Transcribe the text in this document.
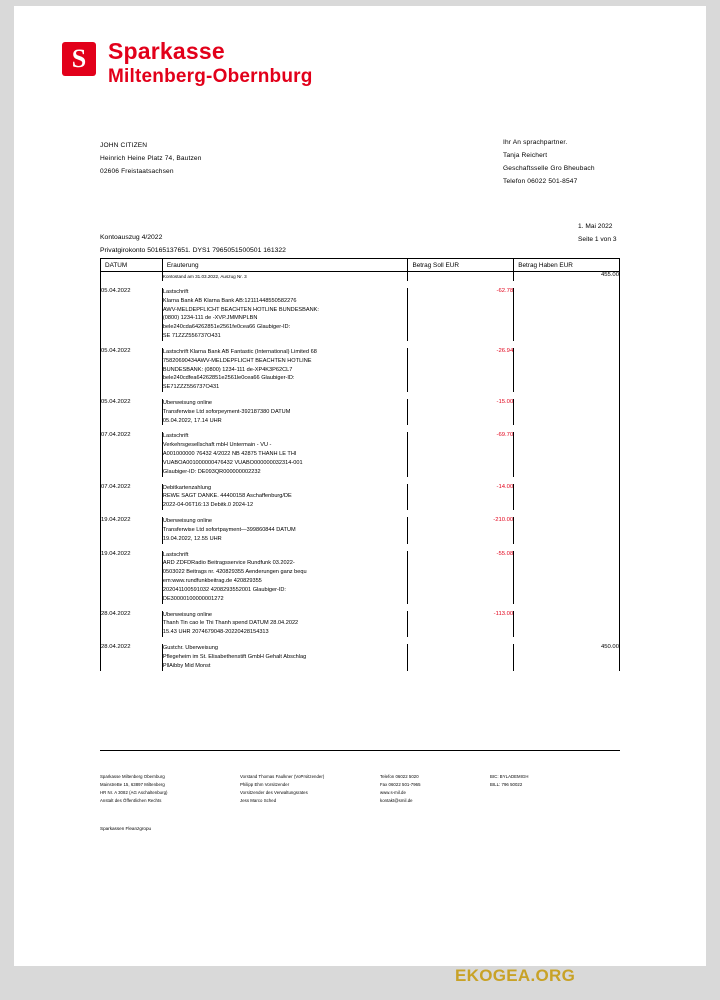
S Sparkasse
Miltenberg-Obernburg
JOHN CITIZEN
Heinrich Heine Platz 74, Bautzen
02606 Freistaatsachsen
Ihr An sprachpartner.
Tanja Reichert
Geschaftsselle Gro Bheubach
Telefon 06022 501-8547
1. Mai 2022
Seite 1 von 3
Kontoauszug 4/2022
Privatgirokonto 50165137651. DYS1 7965051500501 161322
DATUM	Erauterung	Betrag Soll EUR	Betrag Haben EUR

	Kontostand am 31.03.2022, Auszug Nr. 3		455.00

05.04.2022	Lastschrift
Klarna Bank AB Klarna Bank AB:12111448550582276
AWV-MELDEPFLICHT BEACHTEN HOTLINE BUNDESBANK:
(0800) 1234-111 de -XVP.JMMNPLBN
bele240cda64262851e2561fe0cea66 Glaubiger-ID:
SE 71ZZZ556737O431
	-62.78	

05.04.2022	Lastschrift Klarna Bank AB Fantastic (International) Limited 68
75820690434AWV-MELDEPFLICHT BEACHTEN HOTLINE
BUNDESBANK: (0800) 1234-111 de-XP4K3P62CL7
bele240cdfea64262851e2561le0cea66 Glaubiger-ID:
SE71ZZZ556737O431	-26.94	

05.04.2022	Uberweisung online
Transferwise Ltd soforpeyment-392187380 DATUM
05.04.2022, 17.14 UHR	-15.00	

07.04.2022	Lastschrift
Verkehrsgesellschaft mbH Untermain - VU -
A001000000 76432 4/2022 NB 42875 THANH LE THI
VUABOA001000000476432 VUABO000000032314-001
Glaubiger-ID: DE093QR000000002232	-69.70	

07.04.2022	Debitkartenzahlung
REWE SAGT DANKE. 44400158 Aschaffenburg/DE
2022-04-06T16:13 Debitk.0 2024-12	-14.00	

19.04.2022	Uberweisung online
Transferwise Ltd sofortpayment—399860844 DATUM
19.04.2022, 12.55 UHR	-210.00	

19.04.2022	Lastschrift
ARD ZDFDRadio Beitragsservice Rundfunk 03.2022-
0503022 Beitrags nr. 420829355 Aenderungen ganz bequ
em:www.rundfunkbeitrag.de 420829355
202041100591032 4208293552001 Glaubiger-ID:
DE30000100000001272
	-55.08	

28.04.2022	Uberweisung online
Thanh Tin cao le Thi Thanh spend DATUM 28.04.2022
15.43 UHR 2074679048-20220428154313	-113.00	

28.04.2022	Gustchr. Uberweisung
Pflegeheim im St. Elisabethenstift GmbH Gehalt Abschlag
PllAibby Mid Monst		450.00
Sparkasse Miltenberg Obernburg
MainstreBe 15, 63897 Miltenberg
HR Nr. A 3082 (AG Aschaltenburg)
Anstalt des Öffentlichen Rechts
Vorstand Thomas Faulkner (VoPrsitzender)
Philipp Ehm Vorsitzender
Vorsitzender des Verwaltungsrates
Jess Marco Sched
Telefon 06022 5020
Fax 06022 501-7965
www.s-mil.de
kontakt@smil.de
BIC: BYLADEMIGH
BILL: 796 50022
Sparkassen Fleanzgropu
EKOGEA.ORG
